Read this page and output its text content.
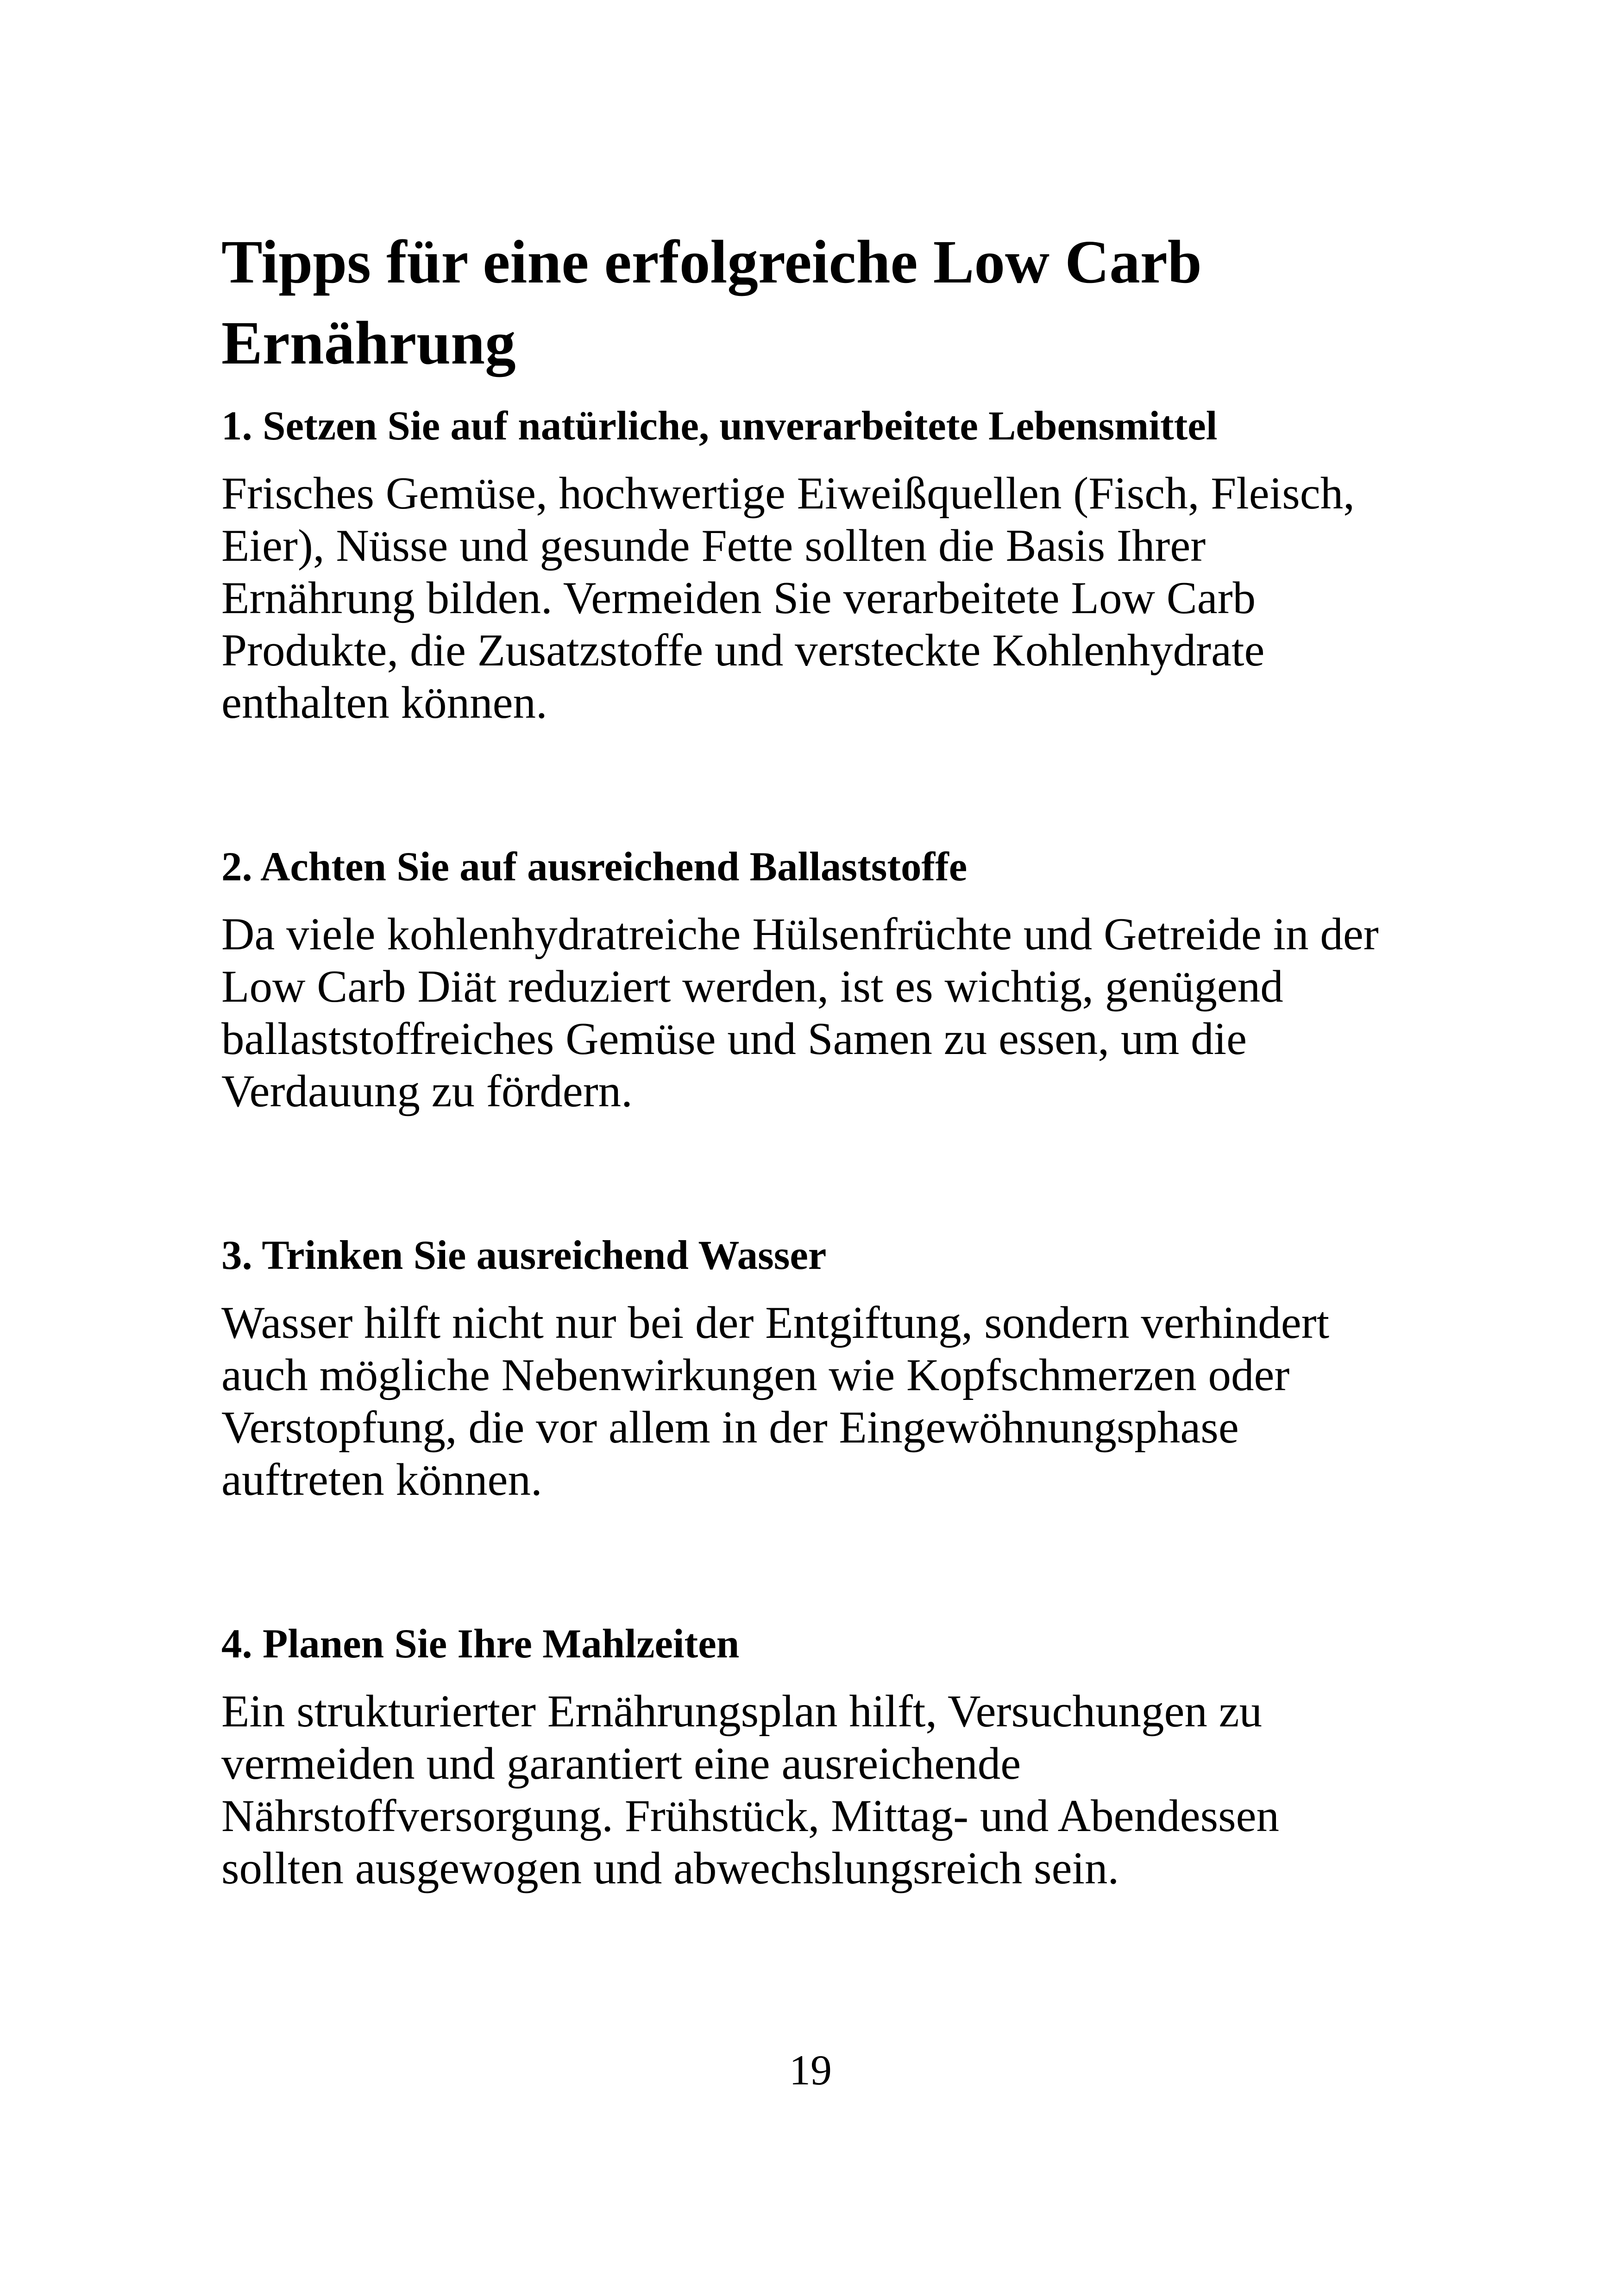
Tipps für eine erfolgreiche Low Carb Ernährung
1. Setzen Sie auf natürliche, unverarbeitete Lebensmittel

Frisches Gemüse, hochwertige Eiweißquellen (Fisch, Fleisch, Eier), Nüsse und gesunde Fette sollten die Basis Ihrer Ernährung bilden. Vermeiden Sie verarbeitete Low Carb Produkte, die Zusatzstoffe und versteckte Kohlenhydrate enthalten können.

2. Achten Sie auf ausreichend Ballaststoffe

Da viele kohlenhydratreiche Hülsenfrüchte und Getreide in der Low Carb Diät reduziert werden, ist es wichtig, genügend ballaststoffreiches Gemüse und Samen zu essen, um die Verdauung zu fördern.

3. Trinken Sie ausreichend Wasser

Wasser hilft nicht nur bei der Entgiftung, sondern verhindert auch mögliche Nebenwirkungen wie Kopfschmerzen oder Verstopfung, die vor allem in der Eingewöhnungsphase auftreten können.

4. Planen Sie Ihre Mahlzeiten

Ein strukturierter Ernährungsplan hilft, Versuchungen zu vermeiden und garantiert eine ausreichende Nährstoffversorgung. Frühstück, Mittag- und Abendessen sollten ausgewogen und abwechslungsreich sein.

19
